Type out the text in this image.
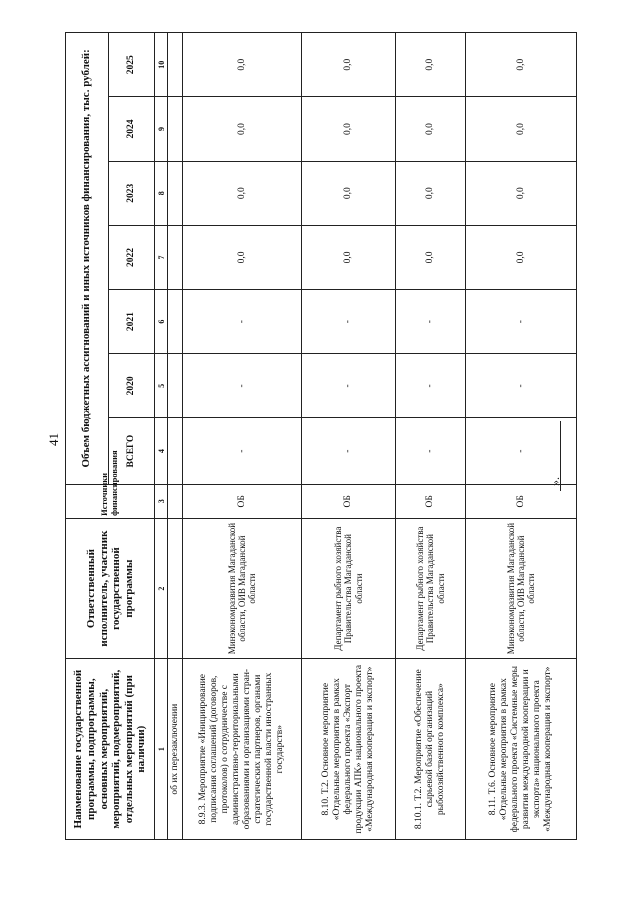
41
».
Наименование государственной программы, подпрограммы, основных мероприятий, мероприятий, подмероприятий, отдельных мероприятий (при наличии)	Ответственный исполнитель, участник государственной программы	Источники финансирования	Объем бюджетных ассигнований и иных источников финансирования, тыс. рублей:						
			ВСЕГО	2020	2021	2022	2023	2024	2025
1	2	3	4	5	6	7	8	9	10
об их перезаключении									
8.9.3. Мероприятие «Инициирование подписания соглашений (договоров, протоколов) о сотрудничестве с административно-территориальными образованиями и организациями стран-стратегических партнеров, органами государственной власти иностранных государств»	Минэкономразвития Магаданской области, ОИВ Магаданской области	ОБ	-	-	-	0,0	0,0	0,0	0,0
8.10. Т.2. Основное мероприятие «Отдельные мероприятия в рамках федерального проекта «Экспорт продукции АПК» национального проекта «Международная кооперация и экспорт»	Департамент рыбного хозяйства Правительства Магаданской области	ОБ	-	-	-	0,0	0,0	0,0	0,0
8.10.1. Т.2. Мероприятие «Обеспечение сырьевой базой организаций рыбохозяйственного комплекса»	Департамент рыбного хозяйства Правительства Магаданской области	ОБ	-	-	-	0,0	0,0	0,0	0,0
8.11. Т.6. Основное мероприятие «Отдельные мероприятия в рамках федерального проекта «Системные меры развития международной кооперации и экспорта» национального проекта «Международная кооперация и экспорт»	Минэкономразвития Магаданской области, ОИВ Магаданской области	ОБ	-	-	-	0,0	0,0	0,0	0,0
